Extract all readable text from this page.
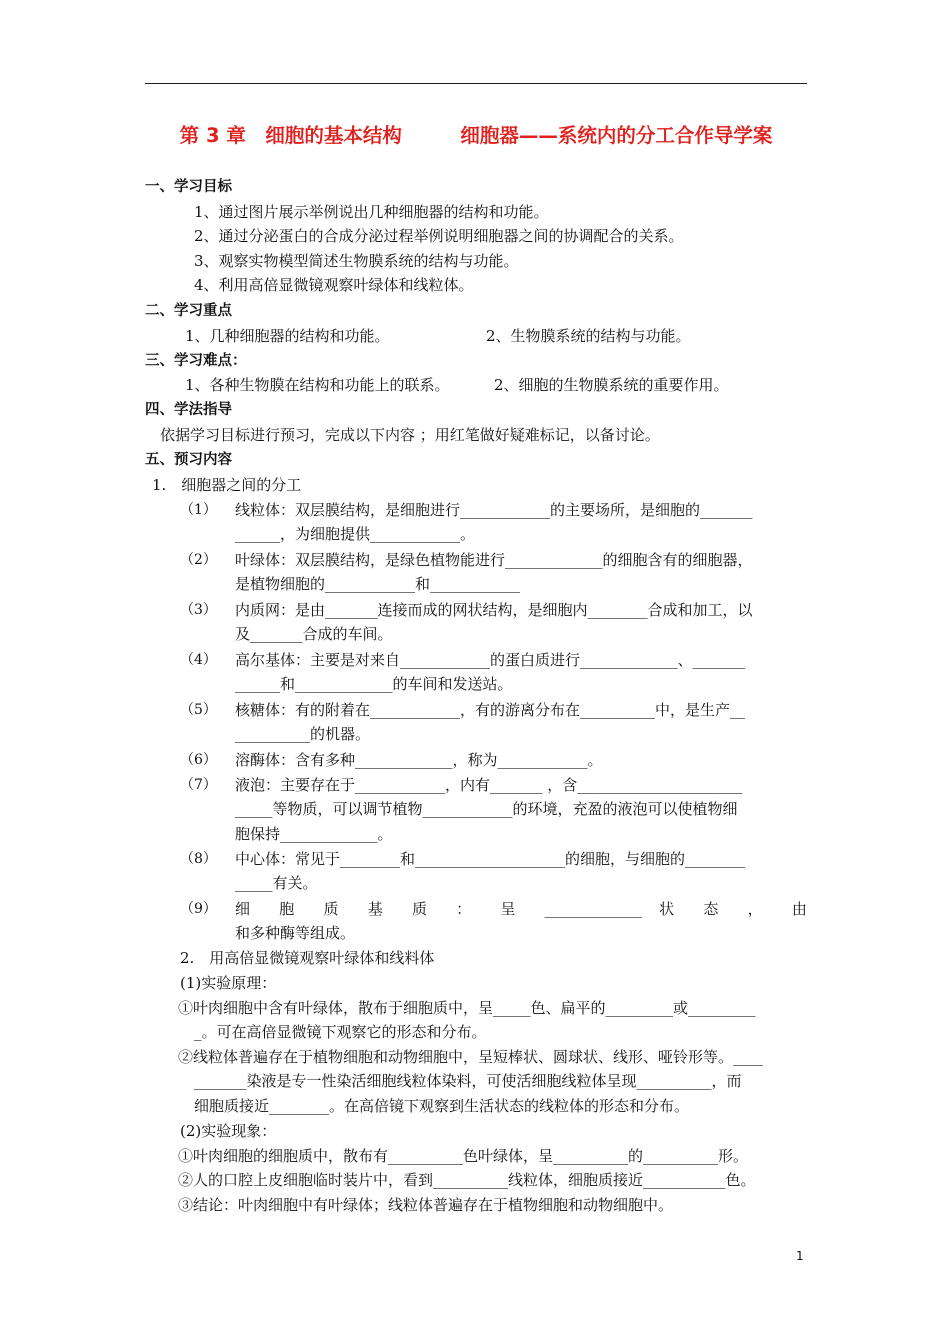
第 3 章　细胞的基本结构　　　细胞器——系统内的分工合作导学案
一、学习目标
1、通过图片展示举例说出几种细胞器的结构和功能。
2、通过分泌蛋白的合成分泌过程举例说明细胞器之间的协调配合的关系。
3、观察实物模型简述生物膜系统的结构与功能。
4、利用高倍显微镜观察叶绿体和线粒体。
二、学习重点
1、几种细胞器的结构和功能。	2、生物膜系统的结构与功能。
三、学习难点：
1、各种生物膜在结构和功能上的联系。	2、细胞的生物膜系统的重要作用。
四、学法指导
依据学习目标进行预习，完成以下内容 ；用红笔做好疑难标记，以备讨论。
五、预习内容
1.　细胞器之间的分工
（1） 线粒体：双层膜结构，是细胞进行____________的主要场所，是细胞的_______
______，为细胞提供____________。
（2） 叶绿体：双层膜结构，是绿色植物能进行_____________的细胞含有的细胞器，
是植物细胞的____________和____________
（3） 内质网：是由_______连接而成的网状结构，是细胞内________合成和加工，以
及_______合成的车间。
（4） 高尔基体：主要是对来自____________的蛋白质进行_____________、_______
______和_____________的车间和发送站。
（5） 核糖体：有的附着在____________，有的游离分布在__________中，是生产__
__________的机器。
（6） 溶酶体：含有多种_____________，称为____________。
（7） 液泡：主要存在于____________，内有_______ ，含______________________
_____等物质，可以调节植物____________的环境，充盈的液泡可以使植物细
胞保持_____________。
（8） 中心体：常见于________和____________________的细胞，与细胞的________
_____有关。
（9） 细 胞 质 基 质 ： 呈 _____________ 状 态 ， 由
和多种酶等组成。
2.　用高倍显微镜观察叶绿体和线料体
(1)实验原理：
①叶肉细胞中含有叶绿体，散布于细胞质中，呈_____色、扁平的_________或_________
_。可在高倍显微镜下观察它的形态和分布。
②线粒体普遍存在于植物细胞和动物细胞中，呈短棒状、圆球状、线形、哑铃形等。____
_______染液是专一性染活细胞线粒体染料，可使活细胞线粒体呈现__________，而
细胞质接近________。在高倍镜下观察到生活状态的线粒体的形态和分布。
(2)实验现象：
①叶肉细胞的细胞质中，散布有__________色叶绿体，呈__________的__________形。
②人的口腔上皮细胞临时装片中，看到__________线粒体，细胞质接近___________色。
③结论：叶肉细胞中有叶绿体；线粒体普遍存在于植物细胞和动物细胞中。
1
